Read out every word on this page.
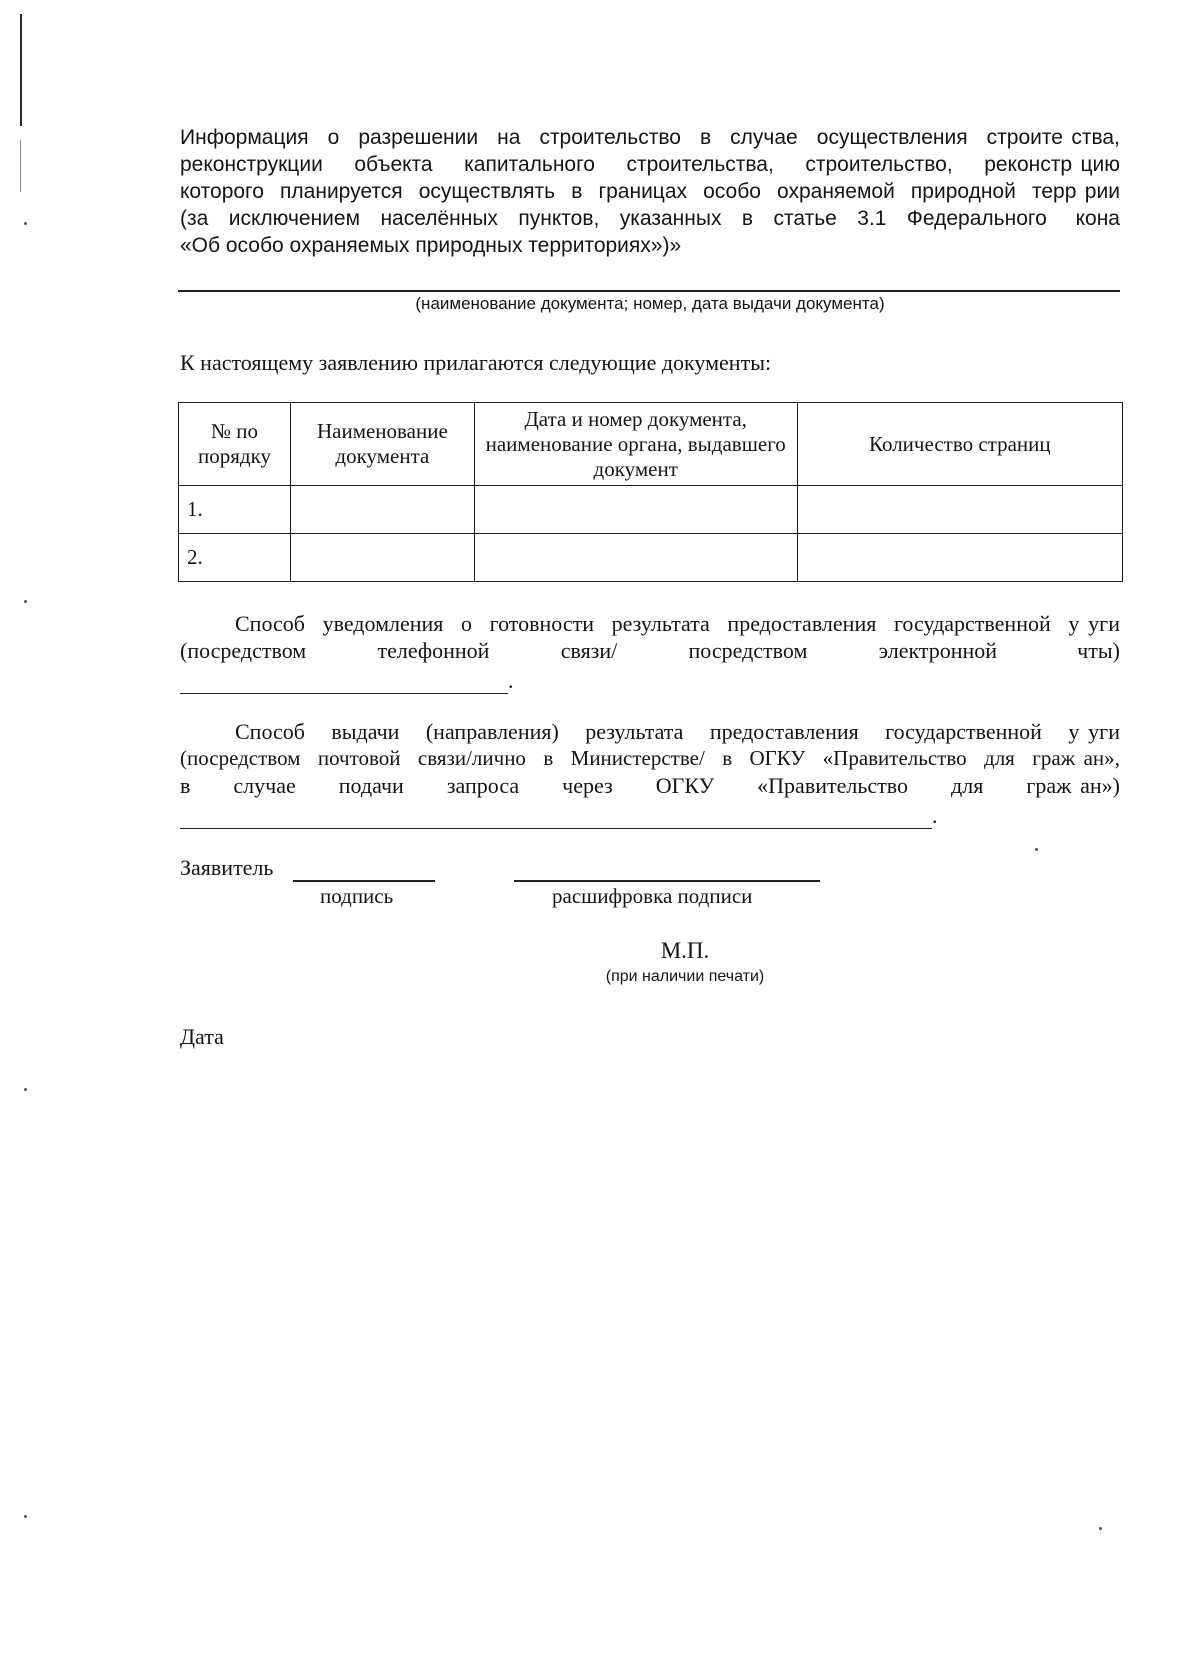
Информация о разрешении на строительство в случае осуществления строите  ства,
реконструкции объекта капитального строительства, строительство, реконстр  цию
которого планируется осуществлять в границах особо охраняемой природной терр  рии
(за исключением населённых пунктов, указанных в статье 3.1 Федерального   кона
«Об особо охраняемых природных территориях»)»
(наименование документа; номер, дата выдачи документа)
К настоящему заявлению прилагаются следующие документы:
№ по порядку	Наименование документа	Дата и номер документа, наименование органа, выдавшего документ	Количество страниц
1.			
2.			
Способ уведомления о готовности результата предоставления государственной у  уги
(посредством	телефонной	связи/	посредством	электронной	  чты)
.
Способ выдачи (направления) результата предоставления государственной у  уги
(посредством почтовой связи/лично в Министерстве/ в ОГКУ «Правительство для граж  ан»,
в случае подачи запроса через ОГКУ «Правительство для граж  ан»)
.
Заявитель
подпись	расшифровка подписи
М.П.
(при наличии печати)
Дата
